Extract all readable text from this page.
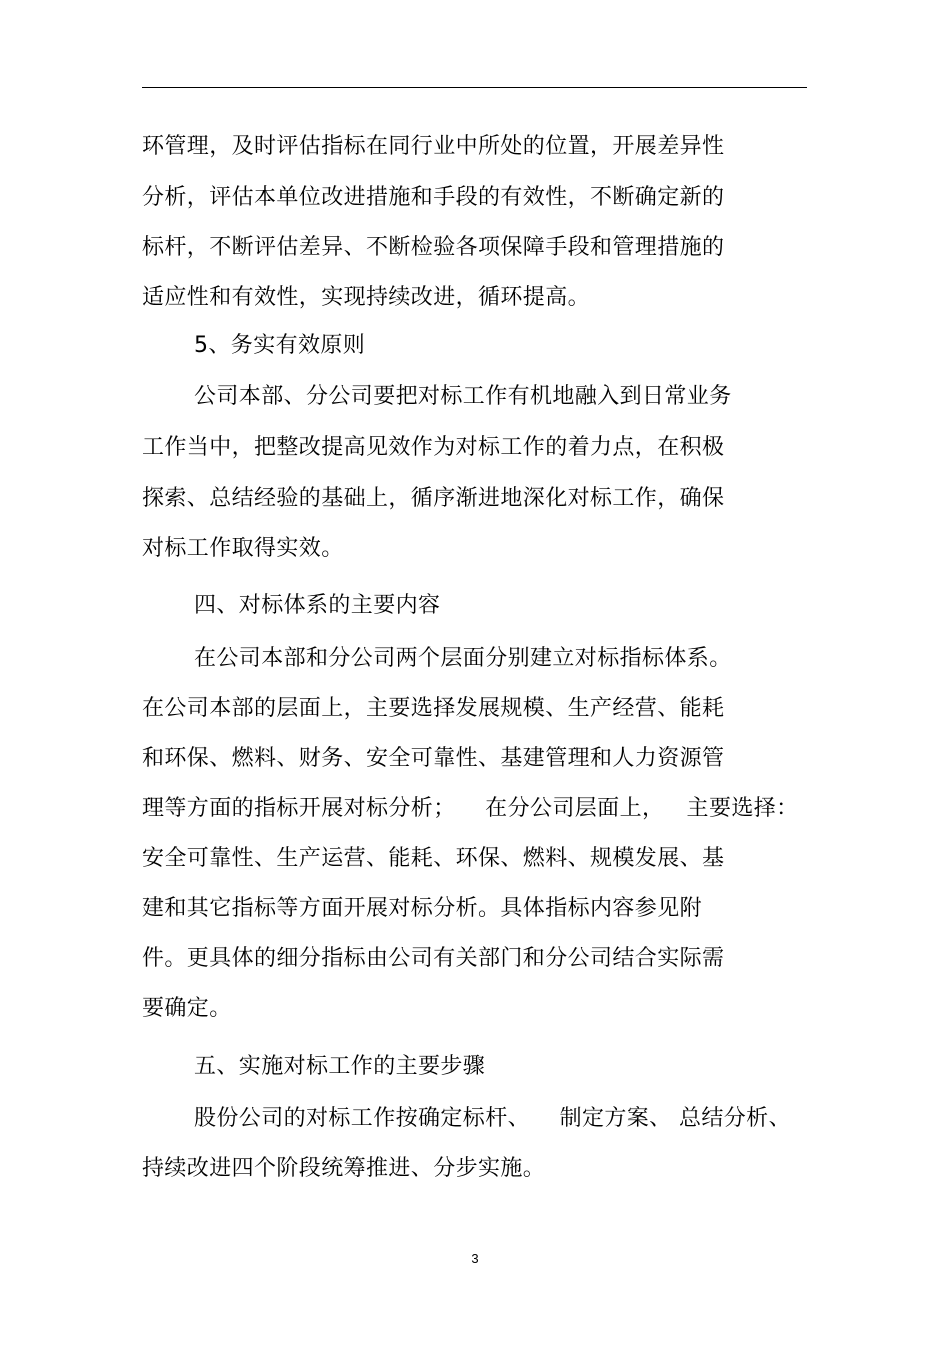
环管理，及时评估指标在同行业中所处的位置，开展差异性
分析，评估本单位改进措施和手段的有效性，不断确定新的
标杆，不断评估差异、不断检验各项保障手段和管理措施的
适应性和有效性，实现持续改进，循环提高。
5、务实有效原则
公司本部、分公司要把对标工作有机地融入到日常业务
工作当中，把整改提高见效作为对标工作的着力点，在积极
探索、总结经验的基础上，循序渐进地深化对标工作，确保
对标工作取得实效。
四、对标体系的主要内容
在公司本部和分公司两个层面分别建立对标指标体系。
在公司本部的层面上，主要选择发展规模、生产经营、能耗
和环保、燃料、财务、安全可靠性、基建管理和人力资源管
理等方面的指标开展对标分析；    在分公司层面上，   主要选择：
安全可靠性、生产运营、能耗、环保、燃料、规模发展、基
建和其它指标等方面开展对标分析。具体指标内容参见附
件。更具体的细分指标由公司有关部门和分公司结合实际需
要确定。
五、实施对标工作的主要步骤
股份公司的对标工作按确定标杆、    制定方案、 总结分析、
持续改进四个阶段统筹推进、分步实施。
3
